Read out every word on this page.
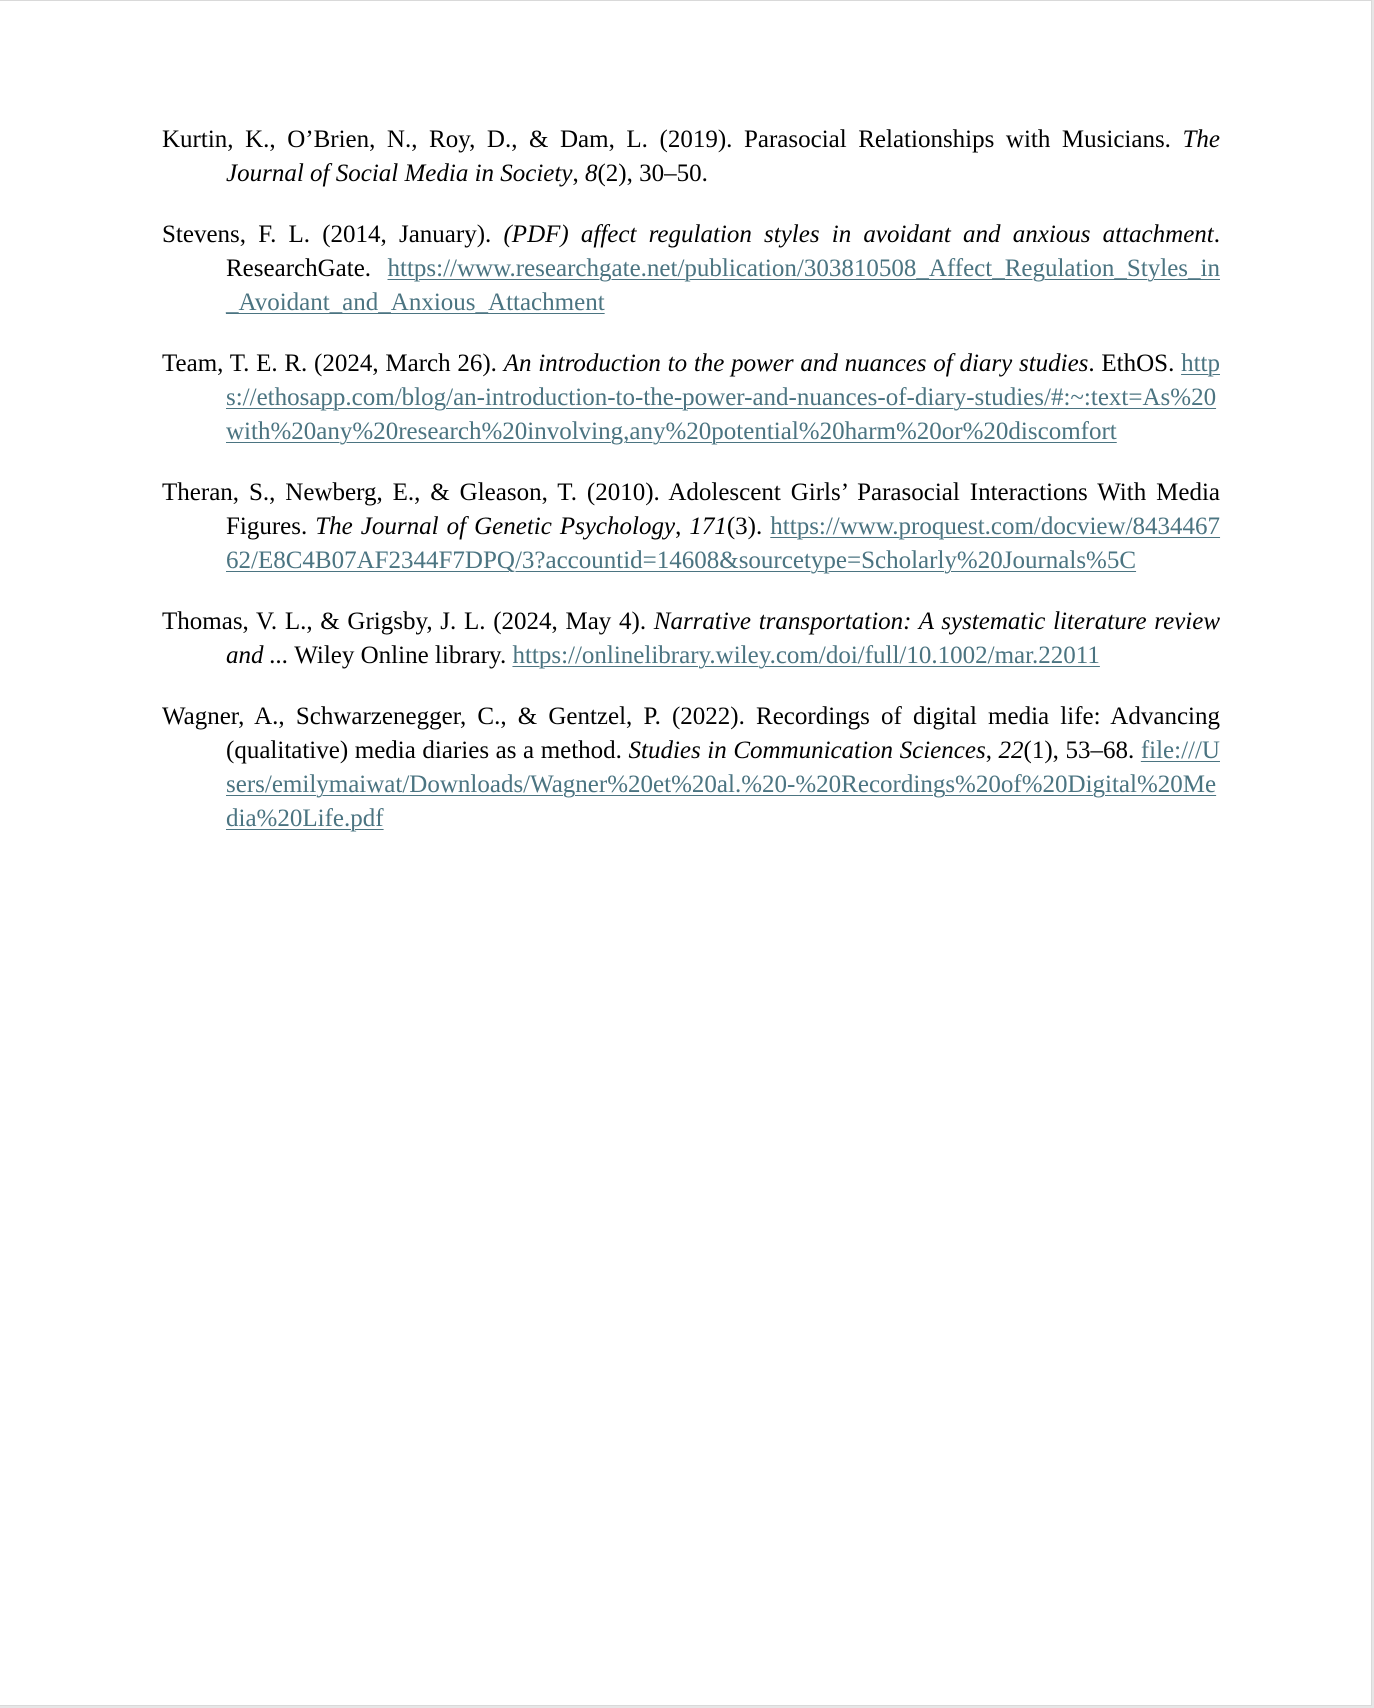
Kurtin, K., O’Brien, N., Roy, D., & Dam, L. (2019). Parasocial Relationships with Musicians. The Journal of Social Media in Society, 8(2), 30–50.

Stevens, F. L. (2014, January). (PDF) affect regulation styles in avoidant and anxious attachment. ResearchGate. https://www.researchgate.net/publication/303810508_Affect_Regulation_Styles_in_Avoidant_and_Anxious_Attachment

Team, T. E. R. (2024, March 26). An introduction to the power and nuances of diary studies. EthOS. https://ethosapp.com/blog/an-introduction-to-the-power-and-nuances-of-diary-studies/#:~:text=As%20with%20any%20research%20involving,any%20potential%20harm%20or%20discomfort

Theran, S., Newberg, E., & Gleason, T. (2010). Adolescent Girls’ Parasocial Interactions With Media Figures. The Journal of Genetic Psychology, 171(3). https://www.proquest.com/docview/843446762/E8C4B07AF2344F7DPQ/3?accountid=14608&sourcetype=Scholarly%20Journals%5C

Thomas, V. L., & Grigsby, J. L. (2024, May 4). Narrative transportation: A systematic literature review and ... Wiley Online library. https://onlinelibrary.wiley.com/doi/full/10.1002/mar.22011

Wagner, A., Schwarzenegger, C., & Gentzel, P. (2022). Recordings of digital media life: Advancing (qualitative) media diaries as a method. Studies in Communication Sciences, 22(1), 53–68. file:///Users/emilymaiwat/Downloads/Wagner%20et%20al.%20-%20Recordings%20of%20Digital%20Media%20Life.pdf
